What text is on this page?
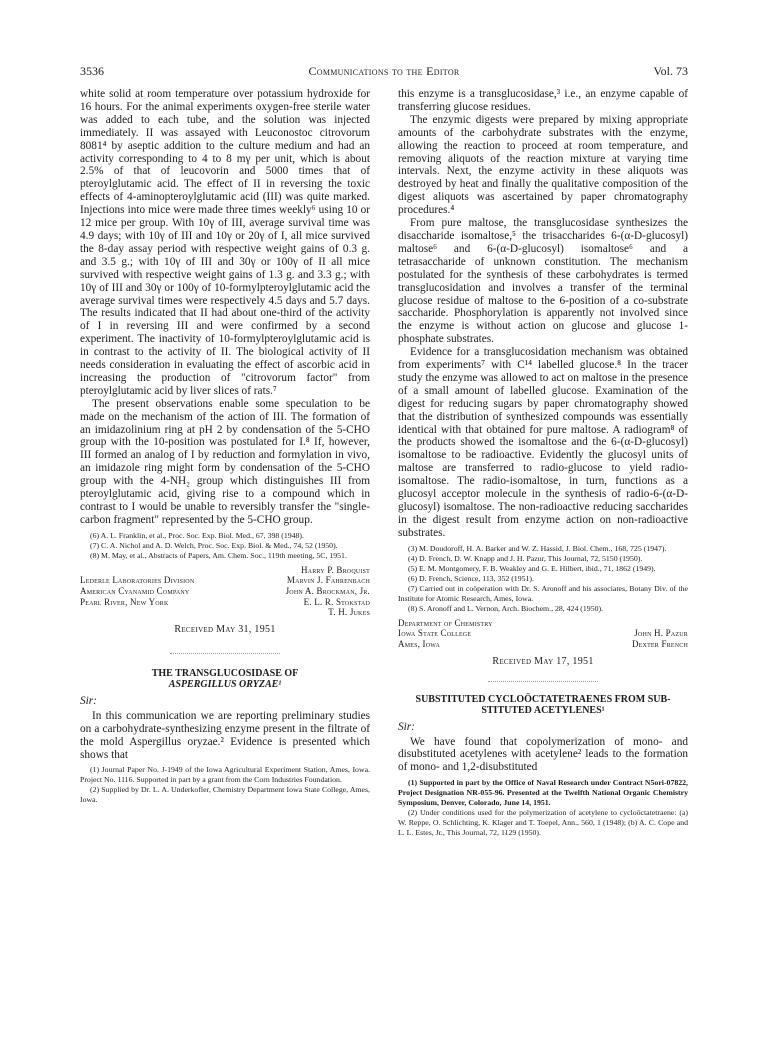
3536	Communications to the Editor	Vol. 73

white solid at room temperature over potassium hydroxide for 16 hours. For the animal experiments oxygen-free sterile water was added to each tube, and the solution was injected immediately. II was assayed with Leuconostoc citrovorum 8081⁴ by aseptic addition to the culture medium and had an activity corresponding to 4 to 8 mγ per unit, which is about 2.5% of that of leucovorin and 5000 times that of pteroylglutamic acid. The effect of II in reversing the toxic effects of 4-aminopteroylglutamic acid (III) was quite marked. Injections into mice were made three times weekly⁶ using 10 or 12 mice per group. With 10γ of III, average survival time was 4.9 days; with 10γ of III and 10γ or 20γ of I, all mice survived the 8-day assay period with respective weight gains of 0.3 g. and 3.5 g.; with 10γ of III and 30γ or 100γ of II all mice survived with respective weight gains of 1.3 g. and 3.3 g.; with 10γ of III and 30γ or 100γ of 10-formylpteroylglutamic acid the average survival times were respectively 4.5 days and 5.7 days. The results indicated that II had about one-third of the activity of I in reversing III and were confirmed by a second experiment. The inactivity of 10-formylpteroylglutamic acid is in contrast to the activity of II. The biological activity of II needs consideration in evaluating the effect of ascorbic acid in increasing the production of "citrovorum factor" from pteroylglutamic acid by liver slices of rats.⁷

The present observations enable some speculation to be made on the mechanism of the action of III. The formation of an imidazolinium ring at pH 2 by condensation of the 5-CHO group with the 10-position was postulated for I.⁸ If, however, III formed an analog of I by reduction and formylation in vivo, an imidazole ring might form by condensation of the 5-CHO group with the 4-NH₂ group which distinguishes III from pteroylglutamic acid, giving rise to a compound which in contrast to I would be unable to reversibly transfer the "single-carbon fragment" represented by the 5-CHO group.

(6) A. L. Franklin, et al., Proc. Soc. Exp. Biol. Med., 67, 398 (1948).

(7) C. A. Nichol and A. D. Welch, Proc. Soc. Exp. Biol. & Med., 74, 52 (1950).

(8) M. May, et al., Abstracts of Papers, Am. Chem. Soc., 119th meeting, 5C, 1951.

Harry P. Broquist
Lederle Laboratories Division	Marvin J. Fahrenbach
American Cyanamid Company	John A. Brockman, Jr.
Pearl River, New York	E. L. R. Stokstad
T. H. Jukes
Received May 31, 1951

THE TRANSGLUCOSIDASE OF

ASPERGILLUS ORYZAE¹

Sir:

In this communication we are reporting preliminary studies on a carbohydrate-synthesizing enzyme present in the filtrate of the mold Aspergillus oryzae.² Evidence is presented which shows that

(1) Journal Paper No. J-1949 of the Iowa Agricultural Experiment Station, Ames, Iowa. Project No. 1116. Supported in part by a grant from the Corn Industries Foundation.

(2) Supplied by Dr. L. A. Underkofler, Chemistry Department Iowa State College, Ames, Iowa.

this enzyme is a transglucosidase,³ i.e., an enzyme capable of transferring glucose residues.

The enzymic digests were prepared by mixing appropriate amounts of the carbohydrate substrates with the enzyme, allowing the reaction to proceed at room temperature, and removing aliquots of the reaction mixture at varying time intervals. Next, the enzyme activity in these aliquots was destroyed by heat and finally the qualitative composition of the digest aliquots was ascertained by paper chromatography procedures.⁴

From pure maltose, the transglucosidase synthesizes the disaccharide isomaltose,⁵ the trisaccharides 6-(α-D-glucosyl) maltose⁶ and 6-(α-D-glucosyl) isomaltose⁶ and a tetrasaccharide of unknown constitution. The mechanism postulated for the synthesis of these carbohydrates is termed transglucosidation and involves a transfer of the terminal glucose residue of maltose to the 6-position of a co-substrate saccharide. Phosphorylation is apparently not involved since the enzyme is without action on glucose and glucose 1-phosphate substrates.

Evidence for a transglucosidation mechanism was obtained from experiments⁷ with C¹⁴ labelled glucose.⁸ In the tracer study the enzyme was allowed to act on maltose in the presence of a small amount of labelled glucose. Examination of the digest for reducing sugars by paper chromatography showed that the distribution of synthesized compounds was essentially identical with that obtained for pure maltose. A radiogram⁸ of the products showed the isomaltose and the 6-(α-D-glucosyl) isomaltose to be radioactive. Evidently the glucosyl units of maltose are transferred to radio-glucose to yield radio-isomaltose. The radio-isomaltose, in turn, functions as a glucosyl acceptor molecule in the synthesis of radio-6-(α-D-glucosyl) isomaltose. The non-radioactive reducing saccharides in the digest result from enzyme action on non-radioactive substrates.

(3) M. Doudoroff, H. A. Barker and W. Z. Hassid, J. Biol. Chem., 168, 725 (1947).

(4) D. French, D. W. Knapp and J. H. Pazur, This Journal, 72, 5150 (1950).

(5) E. M. Montgomery, F. B. Weakley and G. E. Hilbert, ibid., 71, 1862 (1949).

(6) D. French, Science, 113, 352 (1951).

(7) Carried out in coöperation with Dr. S. Aronoff and his associates, Botany Div. of the Institute for Atomic Research, Ames, Iowa.

(8) S. Aronoff and L. Vernon, Arch. Biochem., 28, 424 (1950).

Department of Chemistry
Iowa State College	John H. Pazur
Ames, Iowa	Dexter French
Received May 17, 1951

SUBSTITUTED CYCLOÖCTATETRAENES FROM SUB-

STITUTED ACETYLENES¹

Sir:

We have found that copolymerization of mono- and disubstituted acetylenes with acetylene² leads to the formation of mono- and 1,2-disubstituted

(1) Supported in part by the Office of Naval Research under Contract N5ori-07822, Project Designation NR-055-96. Presented at the Twelfth National Organic Chemistry Symposium, Denver, Colorado, June 14, 1951.

(2) Under conditions used for the polymerization of acetylene to cycloöctatetraene: (a) W. Reppe, O. Schlichting, K. Klager and T. Toepel, Ann., 560, 1 (1948); (b) A. C. Cope and L. L. Estes, Jr., This Journal, 72, 1129 (1950).
